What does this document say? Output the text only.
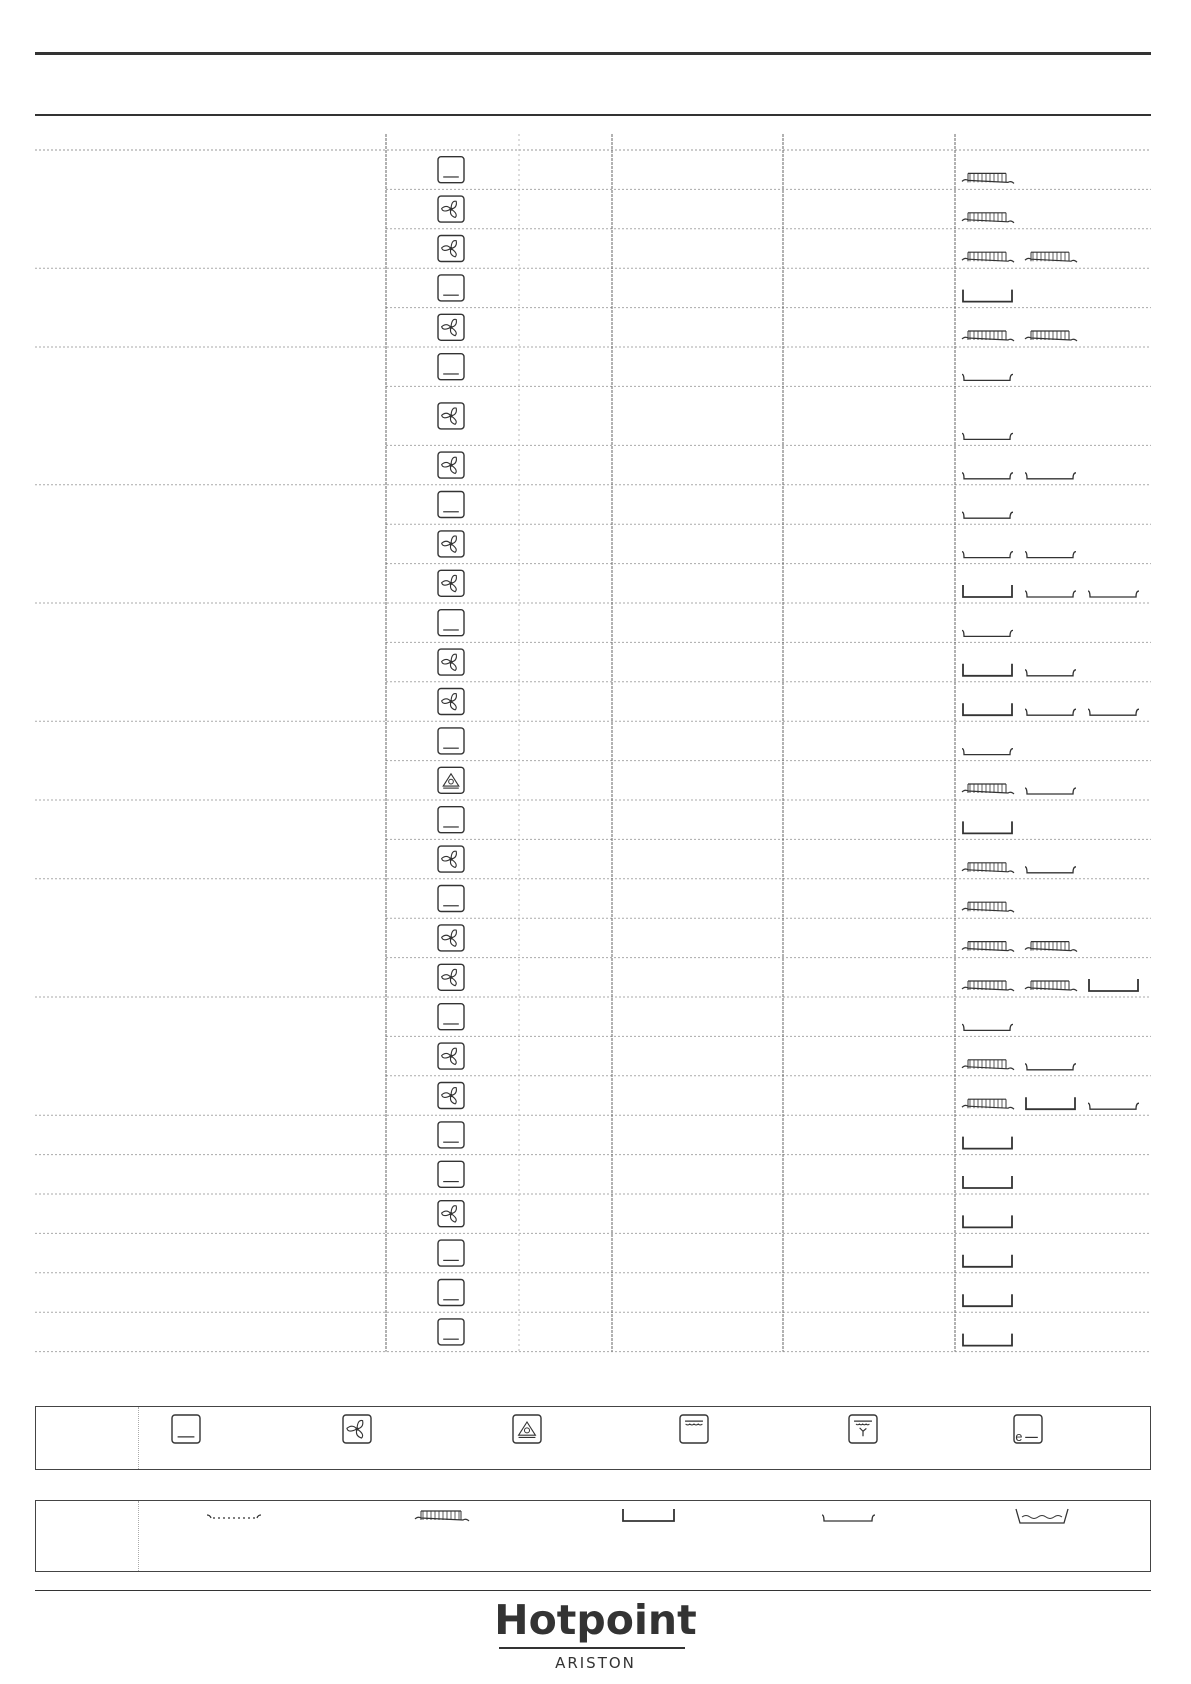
e
Hotpoint
ARISTON
